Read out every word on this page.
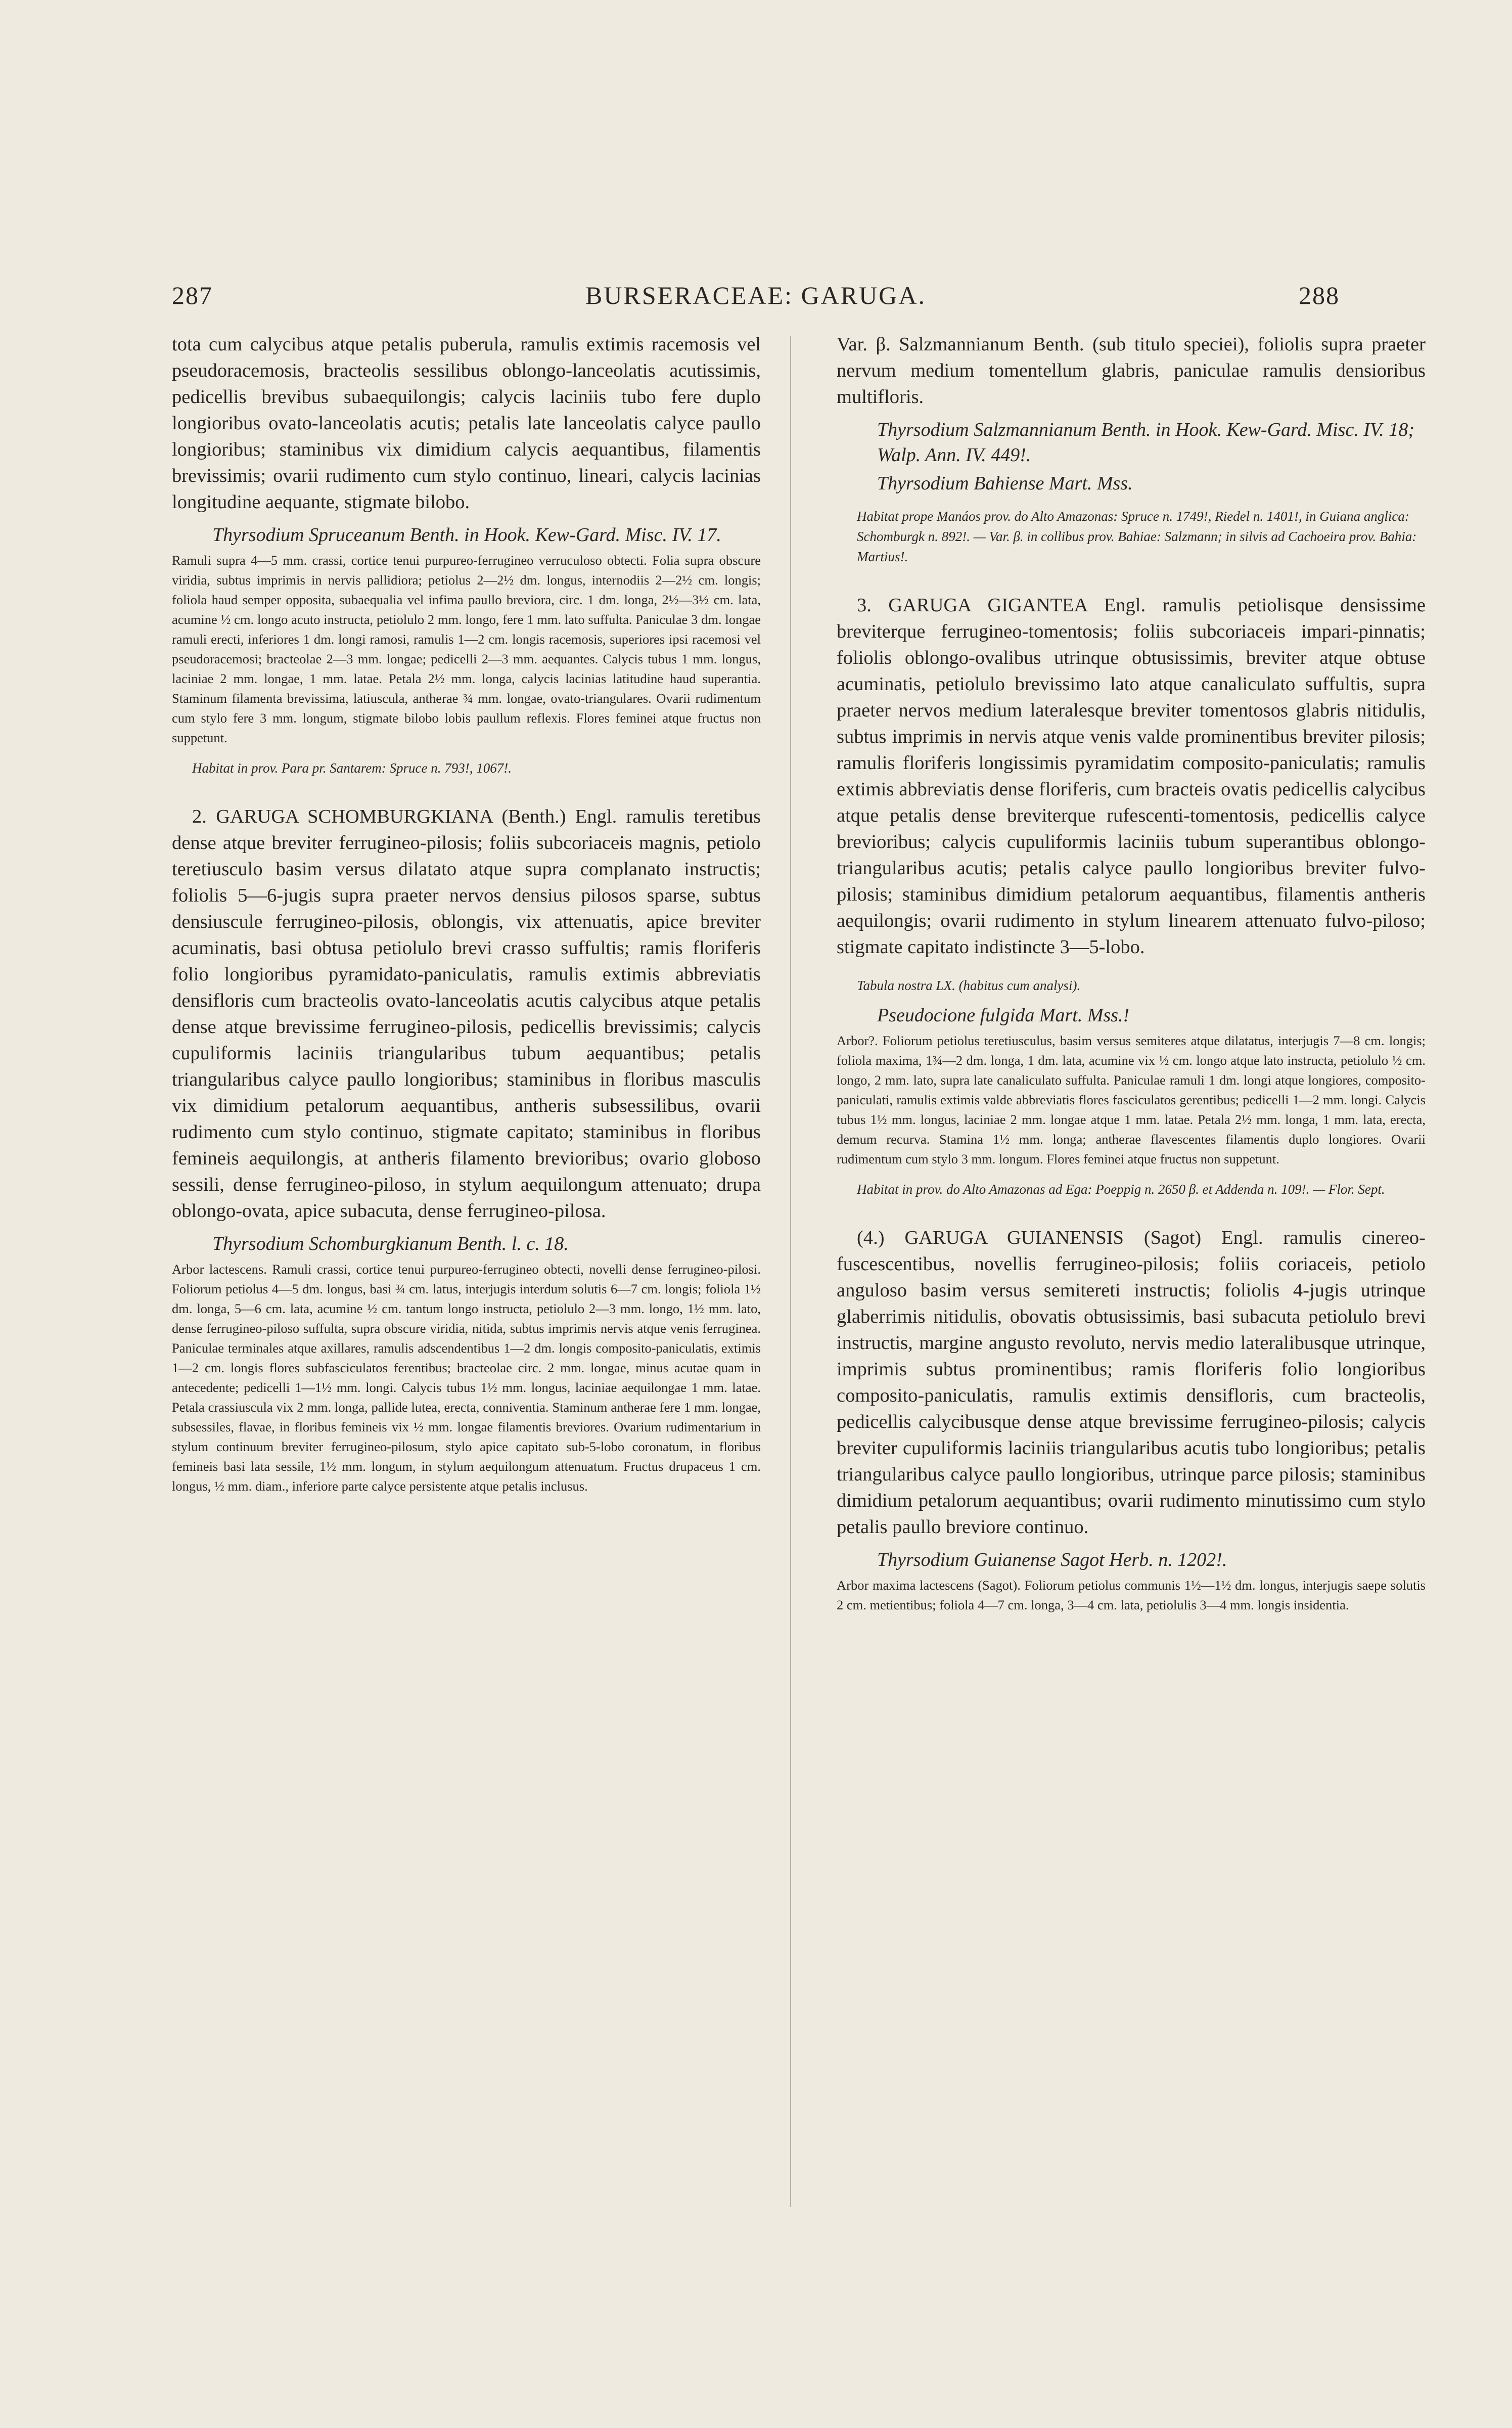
287	BURSERACEAE: GARUGA.	288

tota cum calycibus atque petalis puberula, ramulis extimis racemosis vel pseudoracemosis, bracteolis sessilibus oblongo-lanceolatis acutissimis, pedicellis brevibus subaequilongis; calycis laciniis tubo fere duplo longioribus ovato-lanceolatis acutis; petalis late lanceolatis calyce paullo longioribus; staminibus vix dimidium calycis aequantibus, filamentis brevissimis; ovarii rudimento cum stylo continuo, lineari, calycis lacinias longitudine aequante, stigmate bilobo.

Thyrsodium Spruceanum Benth. in Hook. Kew-Gard. Misc. IV. 17.

Ramuli supra 4—5 mm. crassi, cortice tenui purpureo-ferrugineo verruculoso obtecti. Folia supra obscure viridia, subtus imprimis in nervis pallidiora; petiolus 2—2½ dm. longus, internodiis 2—2½ cm. longis; foliola haud semper opposita, subaequalia vel infima paullo breviora, circ. 1 dm. longa, 2½—3½ cm. lata, acumine ½ cm. longo acuto instructa, petiolulo 2 mm. longo, fere 1 mm. lato suffulta. Paniculae 3 dm. longae ramuli erecti, inferiores 1 dm. longi ramosi, ramulis 1—2 cm. longis racemosis, superiores ipsi racemosi vel pseudoracemosi; bracteolae 2—3 mm. longae; pedicelli 2—3 mm. aequantes. Calycis tubus 1 mm. longus, laciniae 2 mm. longae, 1 mm. latae. Petala 2½ mm. longa, calycis lacinias latitudine haud superantia. Staminum filamenta brevissima, latiuscula, antherae ¾ mm. longae, ovato-triangulares. Ovarii rudimentum cum stylo fere 3 mm. longum, stigmate bilobo lobis paullum reflexis. Flores feminei atque fructus non suppetunt.

Habitat in prov. Para pr. Santarem: Spruce n. 793!, 1067!.

2. GARUGA SCHOMBURGKIANA (Benth.) Engl. ramulis teretibus dense atque breviter ferrugineo-pilosis; foliis subcoriaceis magnis, petiolo teretiusculo basim versus dilatato atque supra complanato instructis; foliolis 5—6-jugis supra praeter nervos densius pilosos sparse, subtus densiuscule ferrugineo-pilosis, oblongis, vix attenuatis, apice breviter acuminatis, basi obtusa petiolulo brevi crasso suffultis; ramis floriferis folio longioribus pyramidato-paniculatis, ramulis extimis abbreviatis densifloris cum bracteolis ovato-lanceolatis acutis calycibus atque petalis dense atque brevissime ferrugineo-pilosis, pedicellis brevissimis; calycis cupuliformis laciniis triangularibus tubum aequantibus; petalis triangularibus calyce paullo longioribus; staminibus in floribus masculis vix dimidium petalorum aequantibus, antheris subsessilibus, ovarii rudimento cum stylo continuo, stigmate capitato; staminibus in floribus femineis aequilongis, at antheris filamento brevioribus; ovario globoso sessili, dense ferrugineo-piloso, in stylum aequilongum attenuato; drupa oblongo-ovata, apice subacuta, dense ferrugineo-pilosa.

Thyrsodium Schomburgkianum Benth. l. c. 18.

Arbor lactescens. Ramuli crassi, cortice tenui purpureo-ferrugineo obtecti, novelli dense ferrugineo-pilosi. Foliorum petiolus 4—5 dm. longus, basi ¾ cm. latus, interjugis interdum solutis 6—7 cm. longis; foliola 1½ dm. longa, 5—6 cm. lata, acumine ½ cm. tantum longo instructa, petiolulo 2—3 mm. longo, 1½ mm. lato, dense ferrugineo-piloso suffulta, supra obscure viridia, nitida, subtus imprimis nervis atque venis ferruginea. Paniculae terminales atque axillares, ramulis adscendentibus 1—2 dm. longis composito-paniculatis, extimis 1—2 cm. longis flores subfasciculatos ferentibus; bracteolae circ. 2 mm. longae, minus acutae quam in antecedente; pedicelli 1—1½ mm. longi. Calycis tubus 1½ mm. longus, laciniae aequilongae 1 mm. latae. Petala crassiuscula vix 2 mm. longa, pallide lutea, erecta, conniventia. Staminum antherae fere 1 mm. longae, subsessiles, flavae, in floribus femineis vix ½ mm. longae filamentis breviores. Ovarium rudimentarium in stylum continuum breviter ferrugineo-pilosum, stylo apice capitato sub-5-lobo coronatum, in floribus femineis basi lata sessile, 1½ mm. longum, in stylum aequilongum attenuatum. Fructus drupaceus 1 cm. longus, ½ mm. diam., inferiore parte calyce persistente atque petalis inclusus.

Var. β. Salzmannianum Benth. (sub titulo speciei), foliolis supra praeter nervum medium tomentellum glabris, paniculae ramulis densioribus multifloris.

Thyrsodium Salzmannianum Benth. in Hook. Kew-Gard. Misc. IV. 18; Walp. Ann. IV. 449!.

Thyrsodium Bahiense Mart. Mss.

Habitat prope Manáos prov. do Alto Amazonas: Spruce n. 1749!, Riedel n. 1401!, in Guiana anglica: Schomburgk n. 892!. — Var. β. in collibus prov. Bahiae: Salzmann; in silvis ad Cachoeira prov. Bahia: Martius!.

3. GARUGA GIGANTEA Engl. ramulis petiolisque densissime breviterque ferrugineo-tomentosis; foliis subcoriaceis impari-pinnatis; foliolis oblongo-ovalibus utrinque obtusissimis, breviter atque obtuse acuminatis, petiolulo brevissimo lato atque canaliculato suffultis, supra praeter nervos medium lateralesque breviter tomentosos glabris nitidulis, subtus imprimis in nervis atque venis valde prominentibus breviter pilosis; ramulis floriferis longissimis pyramidatim composito-paniculatis; ramulis extimis abbreviatis dense floriferis, cum bracteis ovatis pedicellis calycibus atque petalis dense breviterque rufescenti-tomentosis, pedicellis calyce brevioribus; calycis cupuliformis laciniis tubum superantibus oblongo-triangularibus acutis; petalis calyce paullo longioribus breviter fulvo-pilosis; staminibus dimidium petalorum aequantibus, filamentis antheris aequilongis; ovarii rudimento in stylum linearem attenuato fulvo-piloso; stigmate capitato indistincte 3—5-lobo.

Tabula nostra LX. (habitus cum analysi).

Pseudocione fulgida Mart. Mss.!

Arbor?. Foliorum petiolus teretiusculus, basim versus semiteres atque dilatatus, interjugis 7—8 cm. longis; foliola maxima, 1¾—2 dm. longa, 1 dm. lata, acumine vix ½ cm. longo atque lato instructa, petiolulo ½ cm. longo, 2 mm. lato, supra late canaliculato suffulta. Paniculae ramuli 1 dm. longi atque longiores, composito-paniculati, ramulis extimis valde abbreviatis flores fasciculatos gerentibus; pedicelli 1—2 mm. longi. Calycis tubus 1½ mm. longus, laciniae 2 mm. longae atque 1 mm. latae. Petala 2½ mm. longa, 1 mm. lata, erecta, demum recurva. Stamina 1½ mm. longa; antherae flavescentes filamentis duplo longiores. Ovarii rudimentum cum stylo 3 mm. longum. Flores feminei atque fructus non suppetunt.

Habitat in prov. do Alto Amazonas ad Ega: Poeppig n. 2650 β. et Addenda n. 109!. — Flor. Sept.

(4.) GARUGA GUIANENSIS (Sagot) Engl. ramulis cinereo-fuscescentibus, novellis ferrugineo-pilosis; foliis coriaceis, petiolo anguloso basim versus semitereti instructis; foliolis 4-jugis utrinque glaberrimis nitidulis, obovatis obtusissimis, basi subacuta petiolulo brevi instructis, margine angusto revoluto, nervis medio lateralibusque utrinque, imprimis subtus prominentibus; ramis floriferis folio longioribus composito-paniculatis, ramulis extimis densifloris, cum bracteolis, pedicellis calycibusque dense atque brevissime ferrugineo-pilosis; calycis breviter cupuliformis laciniis triangularibus acutis tubo longioribus; petalis triangularibus calyce paullo longioribus, utrinque parce pilosis; staminibus dimidium petalorum aequantibus; ovarii rudimento minutissimo cum stylo petalis paullo breviore continuo.

Thyrsodium Guianense Sagot Herb. n. 1202!.

Arbor maxima lactescens (Sagot). Foliorum petiolus communis 1½—1½ dm. longus, interjugis saepe solutis 2 cm. metientibus; foliola 4—7 cm. longa, 3—4 cm. lata, petiolulis 3—4 mm. longis insidentia.
